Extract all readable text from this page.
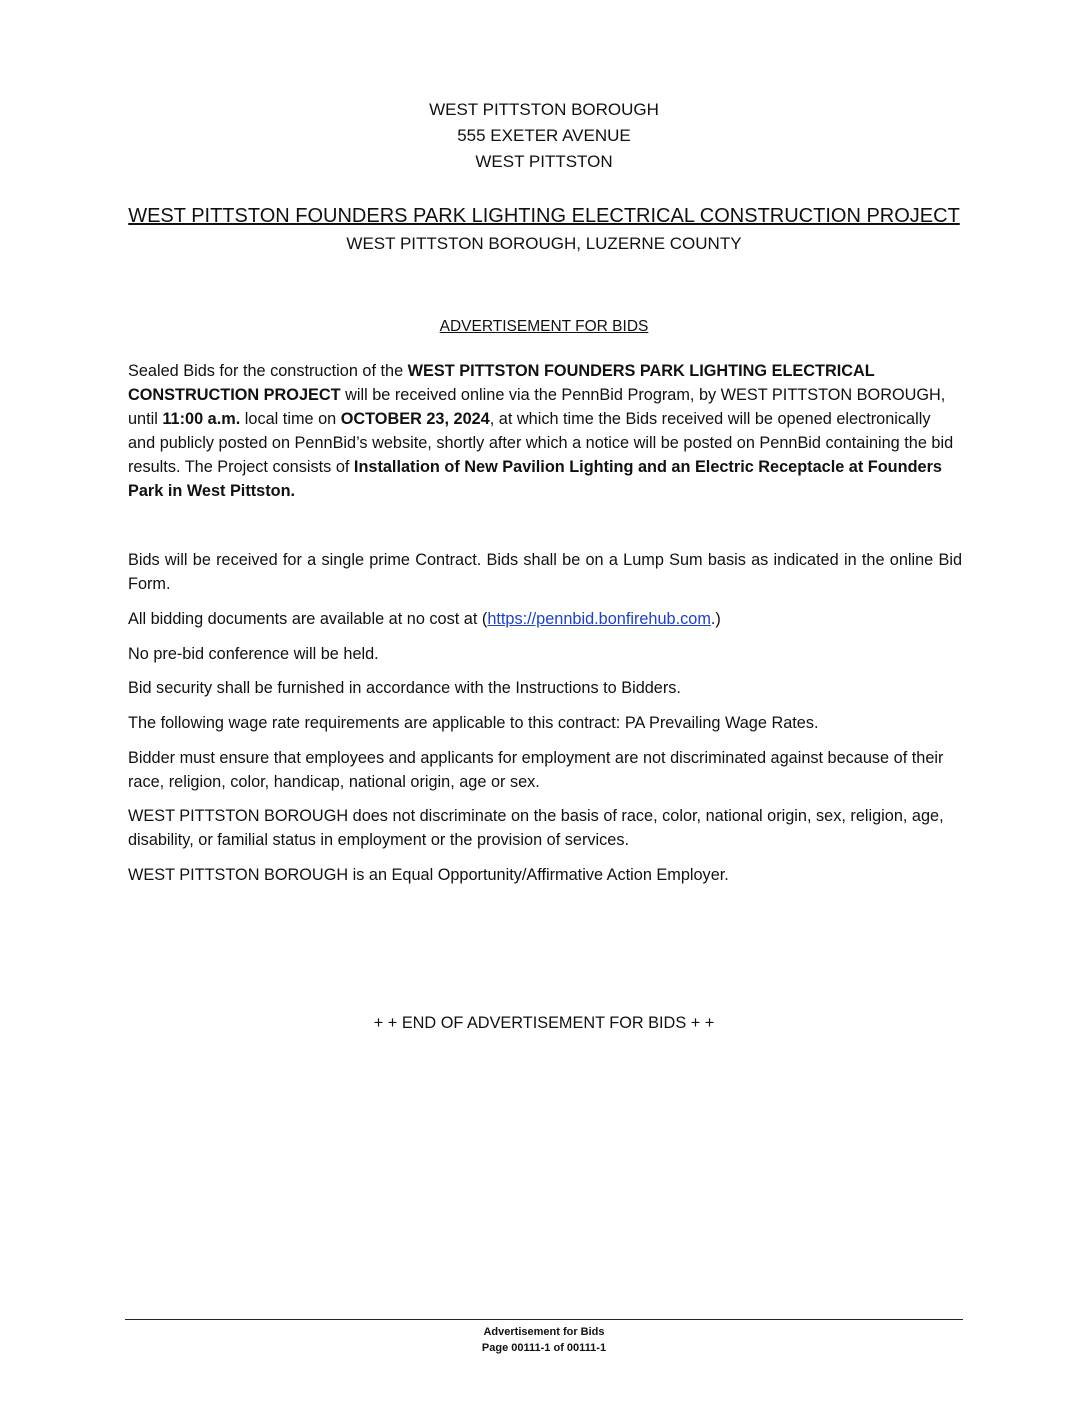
WEST PITTSTON BOROUGH
555 EXETER AVENUE
WEST PITTSTON
WEST PITTSTON FOUNDERS PARK LIGHTING ELECTRICAL CONSTRUCTION PROJECT
WEST PITTSTON BOROUGH, LUZERNE COUNTY
ADVERTISEMENT FOR BIDS
Sealed Bids for the construction of the WEST PITTSTON FOUNDERS PARK LIGHTING ELECTRICAL CONSTRUCTION PROJECT will be received online via the PennBid Program, by WEST PITTSTON BOROUGH, until 11:00 a.m. local time on OCTOBER 23, 2024, at which time the Bids received will be opened electronically and publicly posted on PennBid’s website, shortly after which a notice will be posted on PennBid containing the bid results. The Project consists of Installation of New Pavilion Lighting and an Electric Receptacle at Founders Park in West Pittston.
Bids will be received for a single prime Contract. Bids shall be on a Lump Sum basis as indicated in the online Bid Form.
All bidding documents are available at no cost at (https://pennbid.bonfirehub.com.)
No pre-bid conference will be held.
Bid security shall be furnished in accordance with the Instructions to Bidders.
The following wage rate requirements are applicable to this contract: PA Prevailing Wage Rates.
Bidder must ensure that employees and applicants for employment are not discriminated against because of their race, religion, color, handicap, national origin, age or sex.
WEST PITTSTON BOROUGH does not discriminate on the basis of race, color, national origin, sex, religion, age, disability, or familial status in employment or the provision of services.
WEST PITTSTON BOROUGH is an Equal Opportunity/Affirmative Action Employer.
+ + END OF ADVERTISEMENT FOR BIDS + +
Advertisement for Bids
Page 00111-1 of 00111-1
